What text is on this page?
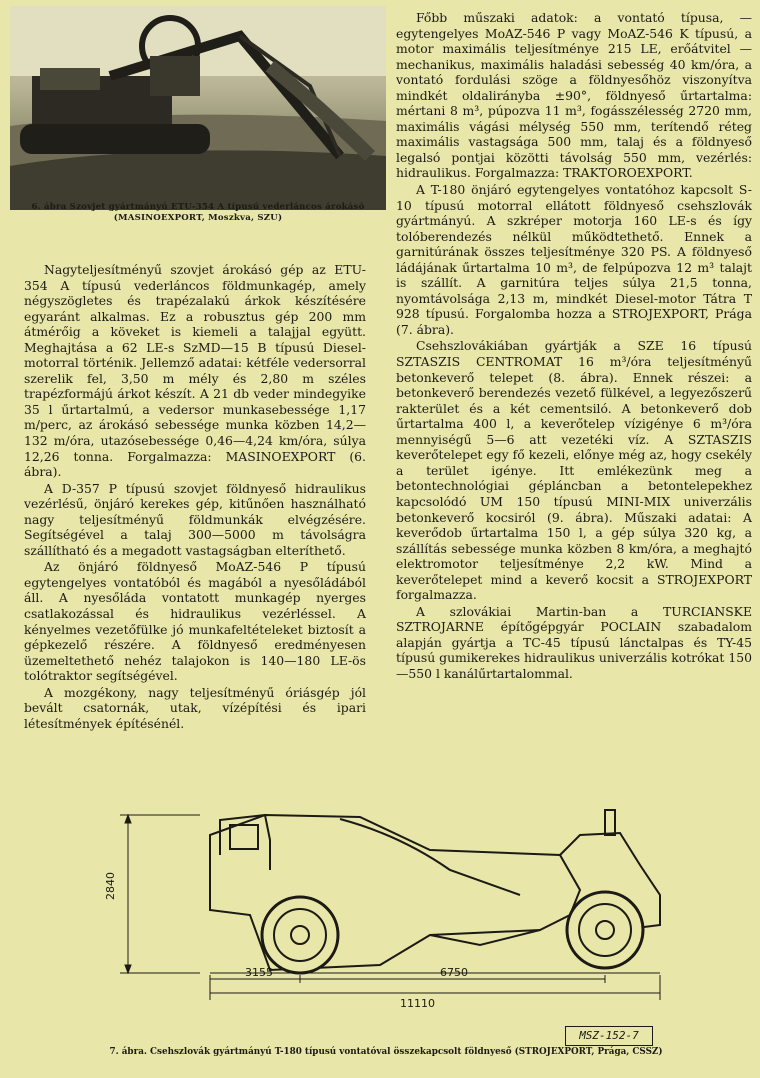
6. ábra Szovjet gyártmányú ETU-354 A típusú vederláncos árokásó
(MASINOEXPORT, Moszkva, SZU)

Nagyteljesítményű szovjet árokásó gép az ETU-354 A típusú vederláncos földmunkagép, amely négyszögletes és trapézalakú árkok készítésére egyaránt alkalmas. Ez a robusztus gép 200 mm átmérőig a köveket is kiemeli a talajjal együtt. Meghajtása a 62 LE-s SzMD—15 B típusú Diesel-motorral történik. Jellemző adatai: kétféle vedersorral szerelik fel, 3,50 m mély és 2,80 m széles trapézformájú árkot készít. A 21 db veder mindegyike 35 l űrtartalmú, a vedersor munkasebessége 1,17 m/perc, az árokásó sebessége munka közben 14,2—132 m/óra, utazósebessége 0,46—4,24 km/óra, súlya 12,26 tonna. Forgalmazza: MASINOEXPORT (6. ábra).

A D-357 P típusú szovjet földnyeső hidraulikus vezérlésű, önjáró kerekes gép, kitűnően használható nagy teljesítményű földmunkák elvégzésére. Segítségével a talaj 300—5000 m távolságra szállítható és a megadott vastagságban elteríthető.

Az önjáró földnyeső MoAZ-546 P típusú egytengelyes vontatóból és magából a nyesőládából áll. A nyesőláda vontatott munkagép nyerges csatlakozással és hidraulikus vezérléssel. A kényelmes vezetőfülke jó munkafeltételeket biztosít a gépkezelő részére. A földnyeső eredményesen üzemeltethető nehéz talajokon is 140—180 LE-ös tolótraktor segítségével.

A mozgékony, nagy teljesítményű óriásgép jól bevált csatornák, utak, vízépítési és ipari létesítmények építésénél.

Főbb műszaki adatok: a vontató típusa, — egytengelyes MoAZ-546 P vagy MoAZ-546 K típusú, a motor maximális teljesítménye 215 LE, erőátvitel — mechanikus, maximális haladási sebesség 40 km/óra, a vontató fordulási szöge a földnyesőhöz viszonyítva mindkét oldalirányba ±90°, földnyeső űrtartalma: mértani 8 m³, púpozva 11 m³, fogásszélesség 2720 mm, maximális vágási mélység 550 mm, terítendő réteg maximális vastagsága 500 mm, talaj és a földnyeső legalsó pontjai közötti távolság 550 mm, vezérlés: hidraulikus. Forgalmazza: TRAKTOROEXPORT.

A T-180 önjáró egytengelyes vontatóhoz kapcsolt S-10 típusú motorral ellátott földnyeső csehszlovák gyártmányú. A szkréper motorja 160 LE-s és így tolóberendezés nélkül működtethető. Ennek a garnitúrának összes teljesítménye 320 PS. A földnyeső ládájának űrtartalma 10 m³, de felpúpozva 12 m³ talajt is szállít. A garnitúra teljes súlya 21,5 tonna, nyomtávolsága 2,13 m, mindkét Diesel-motor Tátra T 928 típusú. Forgalomba hozza a STROJEXPORT, Prága (7. ábra).

Csehszlovákiában gyártják a SZE 16 típusú SZTASZIS CENTROMAT 16 m³/óra teljesítményű betonkeverő telepet (8. ábra). Ennek részei: a betonkeverő berendezés vezető fülkével, a legyezőszerű rakterület és a két cementsiló. A betonkeverő dob űrtartalma 400 l, a keverőtelep vízigénye 6 m³/óra mennyiségű 5—6 att vezetéki víz. A SZTASZIS keverőtelepet egy fő kezeli, előnye még az, hogy csekély a terület igénye. Itt emlékezünk meg a betontechnológiai gépláncban a betontelepekhez kapcsolódó UM 150 típusú MINI-MIX univerzális betonkeverő kocsiról (9. ábra). Műszaki adatai: A keverődob űrtartalma 150 l, a gép súlya 320 kg, a szállítás sebessége munka közben 8 km/óra, a meghajtó elektromotor teljesítménye 2,2 kW. Mind a keverőtelepet mind a keverő kocsit a STROJEXPORT forgalmazza.

A szlovákiai Martin-ban a TURCIANSKE SZTROJARNE építőgépgyár POCLAIN szabadalom alapján gyártja a TC-45 típusú lánctalpas és TY-45 típusú gumikerekes hidraulikus univerzális kotrókat 150—550 l kanálűrtartalommal.

2840
3155	6750
11110
MSZ-152-7
7. ábra. Csehszlovák gyártmányú T-180 típusú vontatóval összekapcsolt földnyeső (STROJEXPORT, Prága, CSSZ)
